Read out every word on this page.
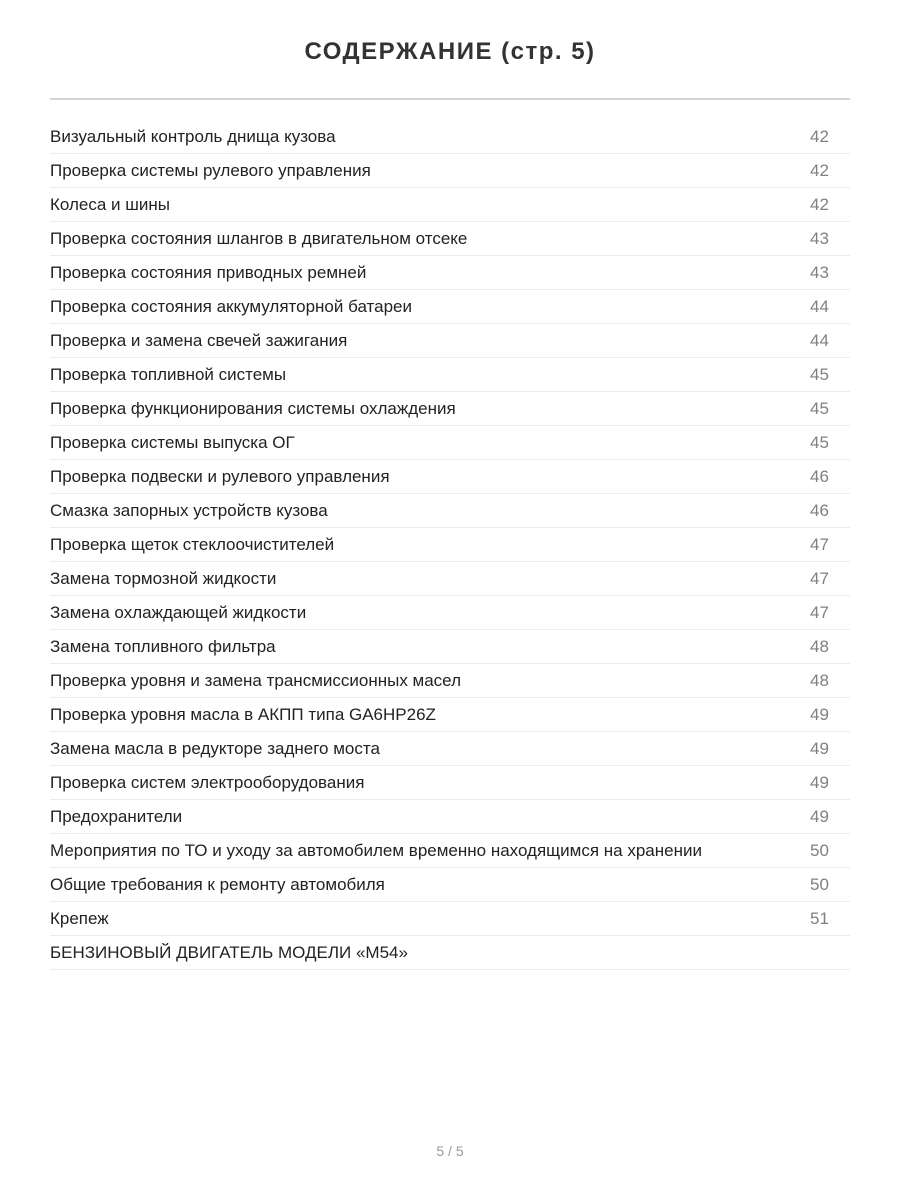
СОДЕРЖАНИЕ (стр. 5)
Визуальный контроль днища кузова	42
Проверка системы рулевого управления	42
Колеса и шины	42
Проверка состояния шлангов в двигательном отсеке	43
Проверка состояния приводных ремней	43
Проверка состояния аккумуляторной батареи	44
Проверка и замена свечей зажигания	44
Проверка топливной системы	45
Проверка функционирования системы охлаждения	45
Проверка системы выпуска ОГ	45
Проверка подвески и рулевого управления	46
Смазка запорных устройств кузова	46
Проверка щеток стеклоочистителей	47
Замена тормозной жидкости	47
Замена охлаждающей жидкости	47
Замена топливного фильтра	48
Проверка уровня и замена трансмиссионных масел	48
Проверка уровня масла в АКПП типа GA6HP26Z	49
Замена масла в редукторе заднего моста	49
Проверка систем электрооборудования	49
Предохранители	49
Мероприятия по ТО и уходу за автомобилем временно находящимся на хранении	50
Общие требования к ремонту автомобиля	50
Крепеж	51
БЕНЗИНОВЫЙ ДВИГАТЕЛЬ МОДЕЛИ «M54»
5 / 5
